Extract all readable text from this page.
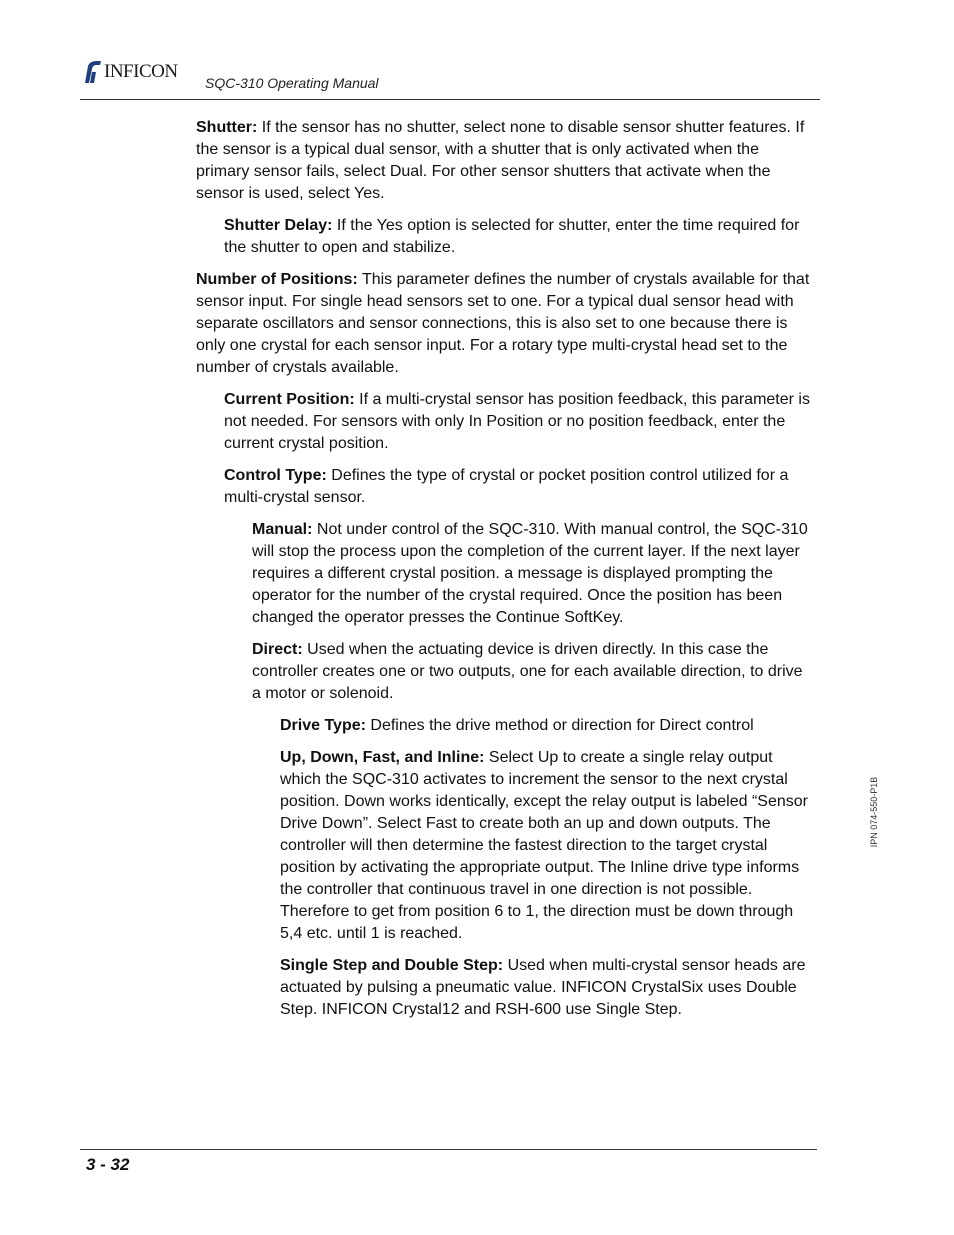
INFICON
SQC-310 Operating Manual

Shutter: If the sensor has no shutter, select none to disable sensor shutter features. If the sensor is a typical dual sensor, with a shutter that is only activated when the primary sensor fails, select Dual. For other sensor shutters that activate when the sensor is used, select Yes.

Shutter Delay: If the Yes option is selected for shutter, enter the time required for the shutter to open and stabilize.

Number of Positions: This parameter defines the number of crystals available for that sensor input. For single head sensors set to one. For a typical dual sensor head with separate oscillators and sensor connections, this is also set to one because there is only one crystal for each sensor input. For a rotary type multi-crystal head set to the number of crystals available.

Current Position: If a multi-crystal sensor has position feedback, this parameter is not needed. For sensors with only In Position or no position feedback, enter the current crystal position.

Control Type: Defines the type of crystal or pocket position control utilized for a multi-crystal sensor.

Manual: Not under control of the SQC-310. With manual control, the SQC-310 will stop the process upon the completion of the current layer. If the next layer requires a different crystal position. a message is displayed prompting the operator for the number of the crystal required. Once the position has been changed the operator presses the Continue SoftKey.

Direct: Used when the actuating device is driven directly. In this case the controller creates one or two outputs, one for each available direction, to drive a motor or solenoid.

Drive Type: Defines the drive method or direction for Direct control

Up, Down, Fast, and Inline: Select Up to create a single relay output which the SQC-310 activates to increment the sensor to the next crystal position. Down works identically, except the relay output is labeled “Sensor Drive Down”. Select Fast to create both an up and down outputs. The controller will then determine the fastest direction to the target crystal position by activating the appropriate output. The Inline drive type informs the controller that continuous travel in one direction is not possible. Therefore to get from position 6 to 1, the direction must be down through 5,4 etc. until 1 is reached.

Single Step and Double Step: Used when multi-crystal sensor heads are actuated by pulsing a pneumatic value. INFICON CrystalSix uses Double Step. INFICON Crystal12 and RSH-600 use Single Step.

IPN 074-550-P1B
3 - 32
